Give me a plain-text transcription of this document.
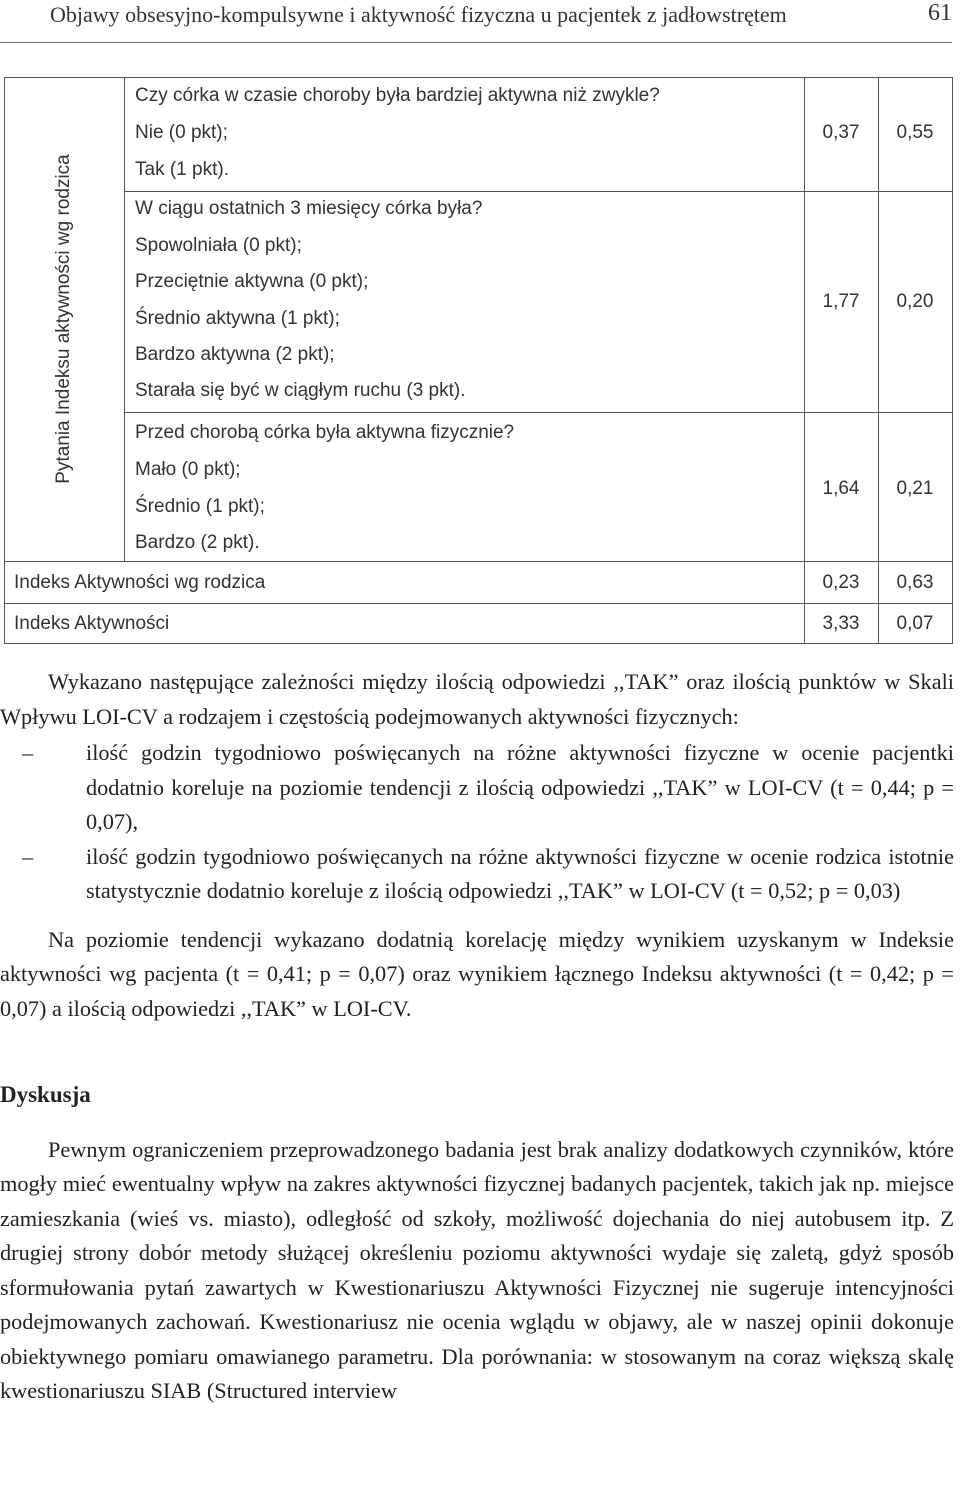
Objawy obsesyjno-kompulsywne i aktywność fizyczna u pacjentek z jadłowstrętem	61
Pytania Indeksu aktywności wg rodzica
Czy córka w czasie choroby była bardziej aktywna niż zwykle?
Nie (0 pkt);
Tak (1 pkt).
0,37	0,55
W ciągu ostatnich 3 miesięcy córka była?
Spowolniała (0 pkt);
Przeciętnie aktywna (0 pkt);
Średnio aktywna (1 pkt);
Bardzo aktywna (2 pkt);
Starała się być w ciągłym ruchu (3 pkt).
1,77	0,20
Przed chorobą córka była aktywna fizycznie?
Mało (0 pkt);
Średnio (1 pkt);
Bardzo (2 pkt).
1,64	0,21
Indeks Aktywności wg rodzica	0,23	0,63
Indeks Aktywności	3,33	0,07

Wykazano następujące zależności między ilością odpowiedzi ,,TAK” oraz ilością punktów w Skali Wpływu LOI-CV a rodzajem i częstością podejmowanych aktywności fizycznych:

– ilość godzin tygodniowo poświęcanych na różne aktywności fizyczne w ocenie pacjentki dodatnio koreluje na poziomie tendencji z ilością odpowiedzi ,,TAK” w LOI-CV (t = 0,44; p = 0,07),

– ilość godzin tygodniowo poświęcanych na różne aktywności fizyczne w ocenie rodzica istotnie statystycznie dodatnio koreluje z ilością odpowiedzi ,,TAK” w LOI-CV (t = 0,52; p = 0,03)

Na poziomie tendencji wykazano dodatnią korelację między wynikiem uzyskanym w Indeksie aktywności wg pacjenta (t = 0,41; p = 0,07) oraz wynikiem łącznego Indeksu aktywności (t = 0,42; p = 0,07) a ilością odpowiedzi ,,TAK” w LOI-CV.

Dyskusja

Pewnym ograniczeniem przeprowadzonego badania jest brak analizy dodatkowych czynników, które mogły mieć ewentualny wpływ na zakres aktywności fizycznej badanych pacjentek, takich jak np. miejsce zamieszkania (wieś vs. miasto), odległość od szkoły, możliwość dojechania do niej autobusem itp. Z drugiej strony dobór metody służącej określeniu poziomu aktywności wydaje się zaletą, gdyż sposób sformułowania pytań zawartych w Kwestionariuszu Aktywności Fizycznej nie sugeruje intencyjności podejmowanych zachowań. Kwestionariusz nie ocenia wglądu w objawy, ale w naszej opinii dokonuje obiektywnego pomiaru omawianego parametru. Dla porównania: w stosowanym na coraz większą skalę kwestionariuszu SIAB (Structured interview
